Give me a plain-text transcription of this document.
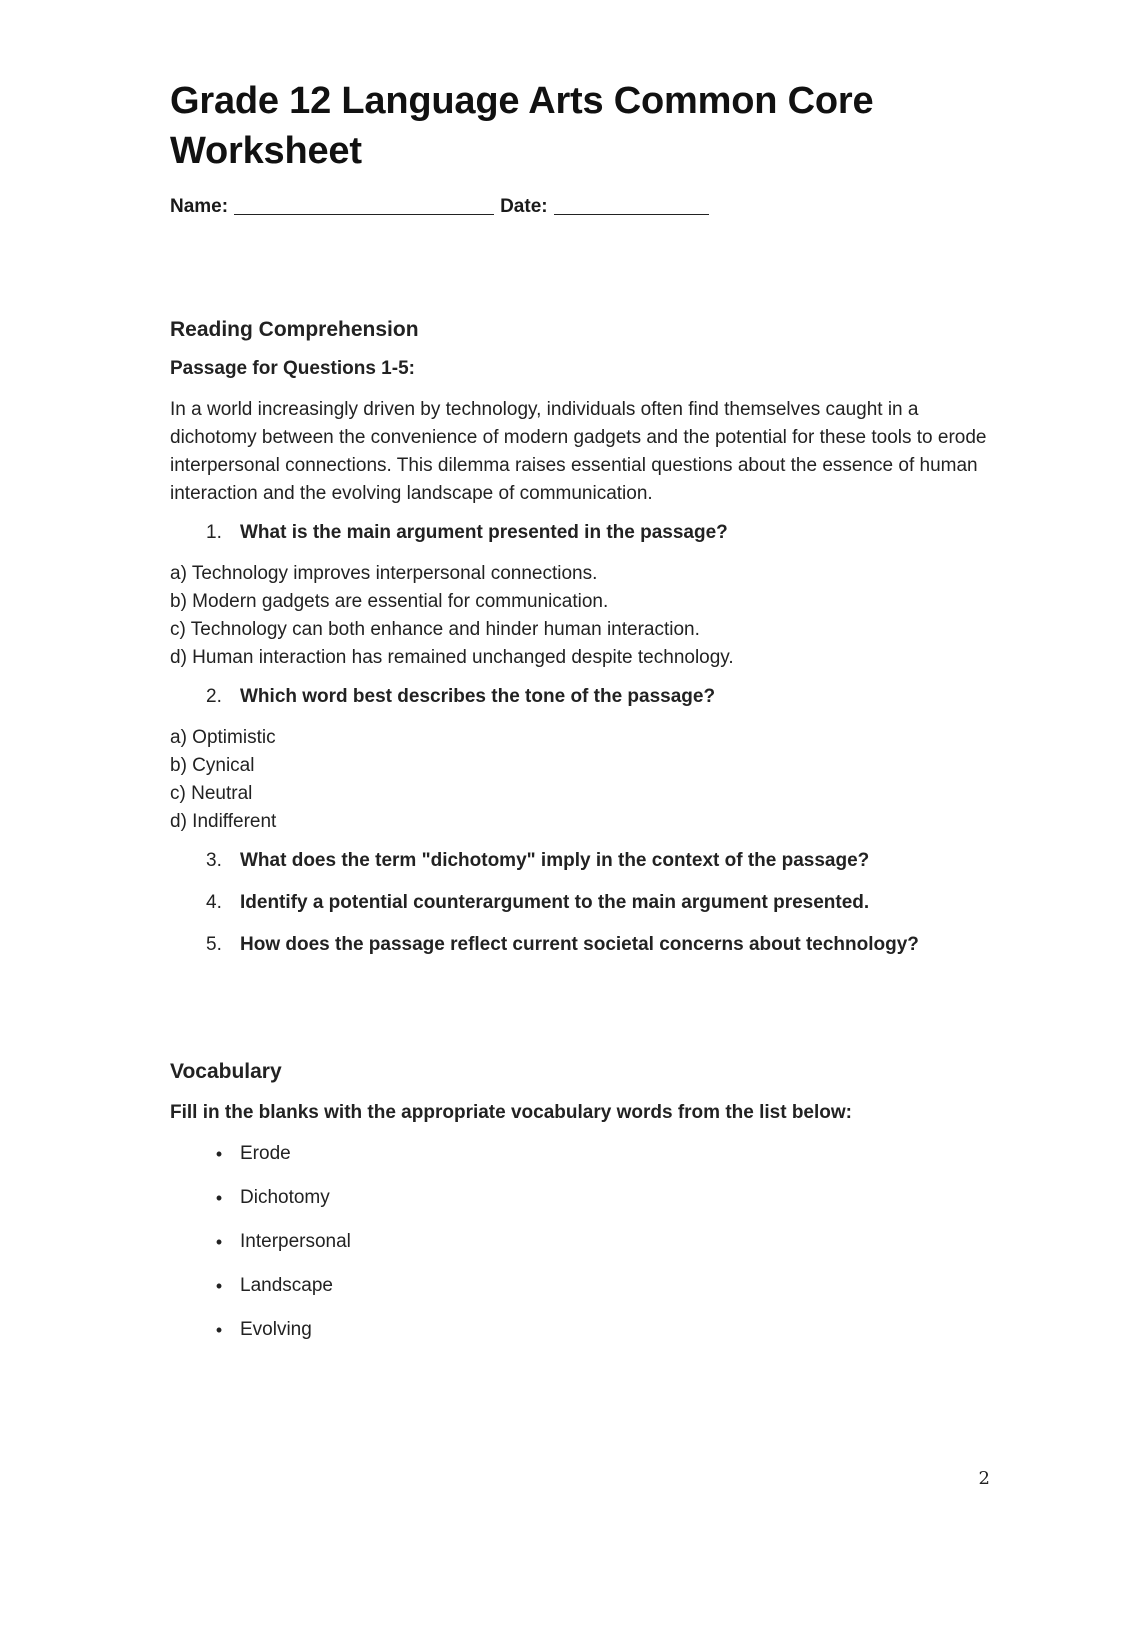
Grade 12 Language Arts Common Core Worksheet
Name:	Date:
Reading Comprehension

Passage for Questions 1-5:

In a world increasingly driven by technology, individuals often find themselves caught in a dichotomy between the convenience of modern gadgets and the potential for these tools to erode interpersonal connections. This dilemma raises essential questions about the essence of human interaction and the evolving landscape of communication.

1. What is the main argument presented in the passage?
a) Technology improves interpersonal connections.
b) Modern gadgets are essential for communication.
c) Technology can both enhance and hinder human interaction.
d) Human interaction has remained unchanged despite technology.
2. Which word best describes the tone of the passage?
a) Optimistic
b) Cynical
c) Neutral
d) Indifferent
3. What does the term "dichotomy" imply in the context of the passage?
4. Identify a potential counterargument to the main argument presented.
5. How does the passage reflect current societal concerns about technology?
Vocabulary

Fill in the blanks with the appropriate vocabulary words from the list below:

• Erode
• Dichotomy
• Interpersonal
• Landscape
• Evolving
2
